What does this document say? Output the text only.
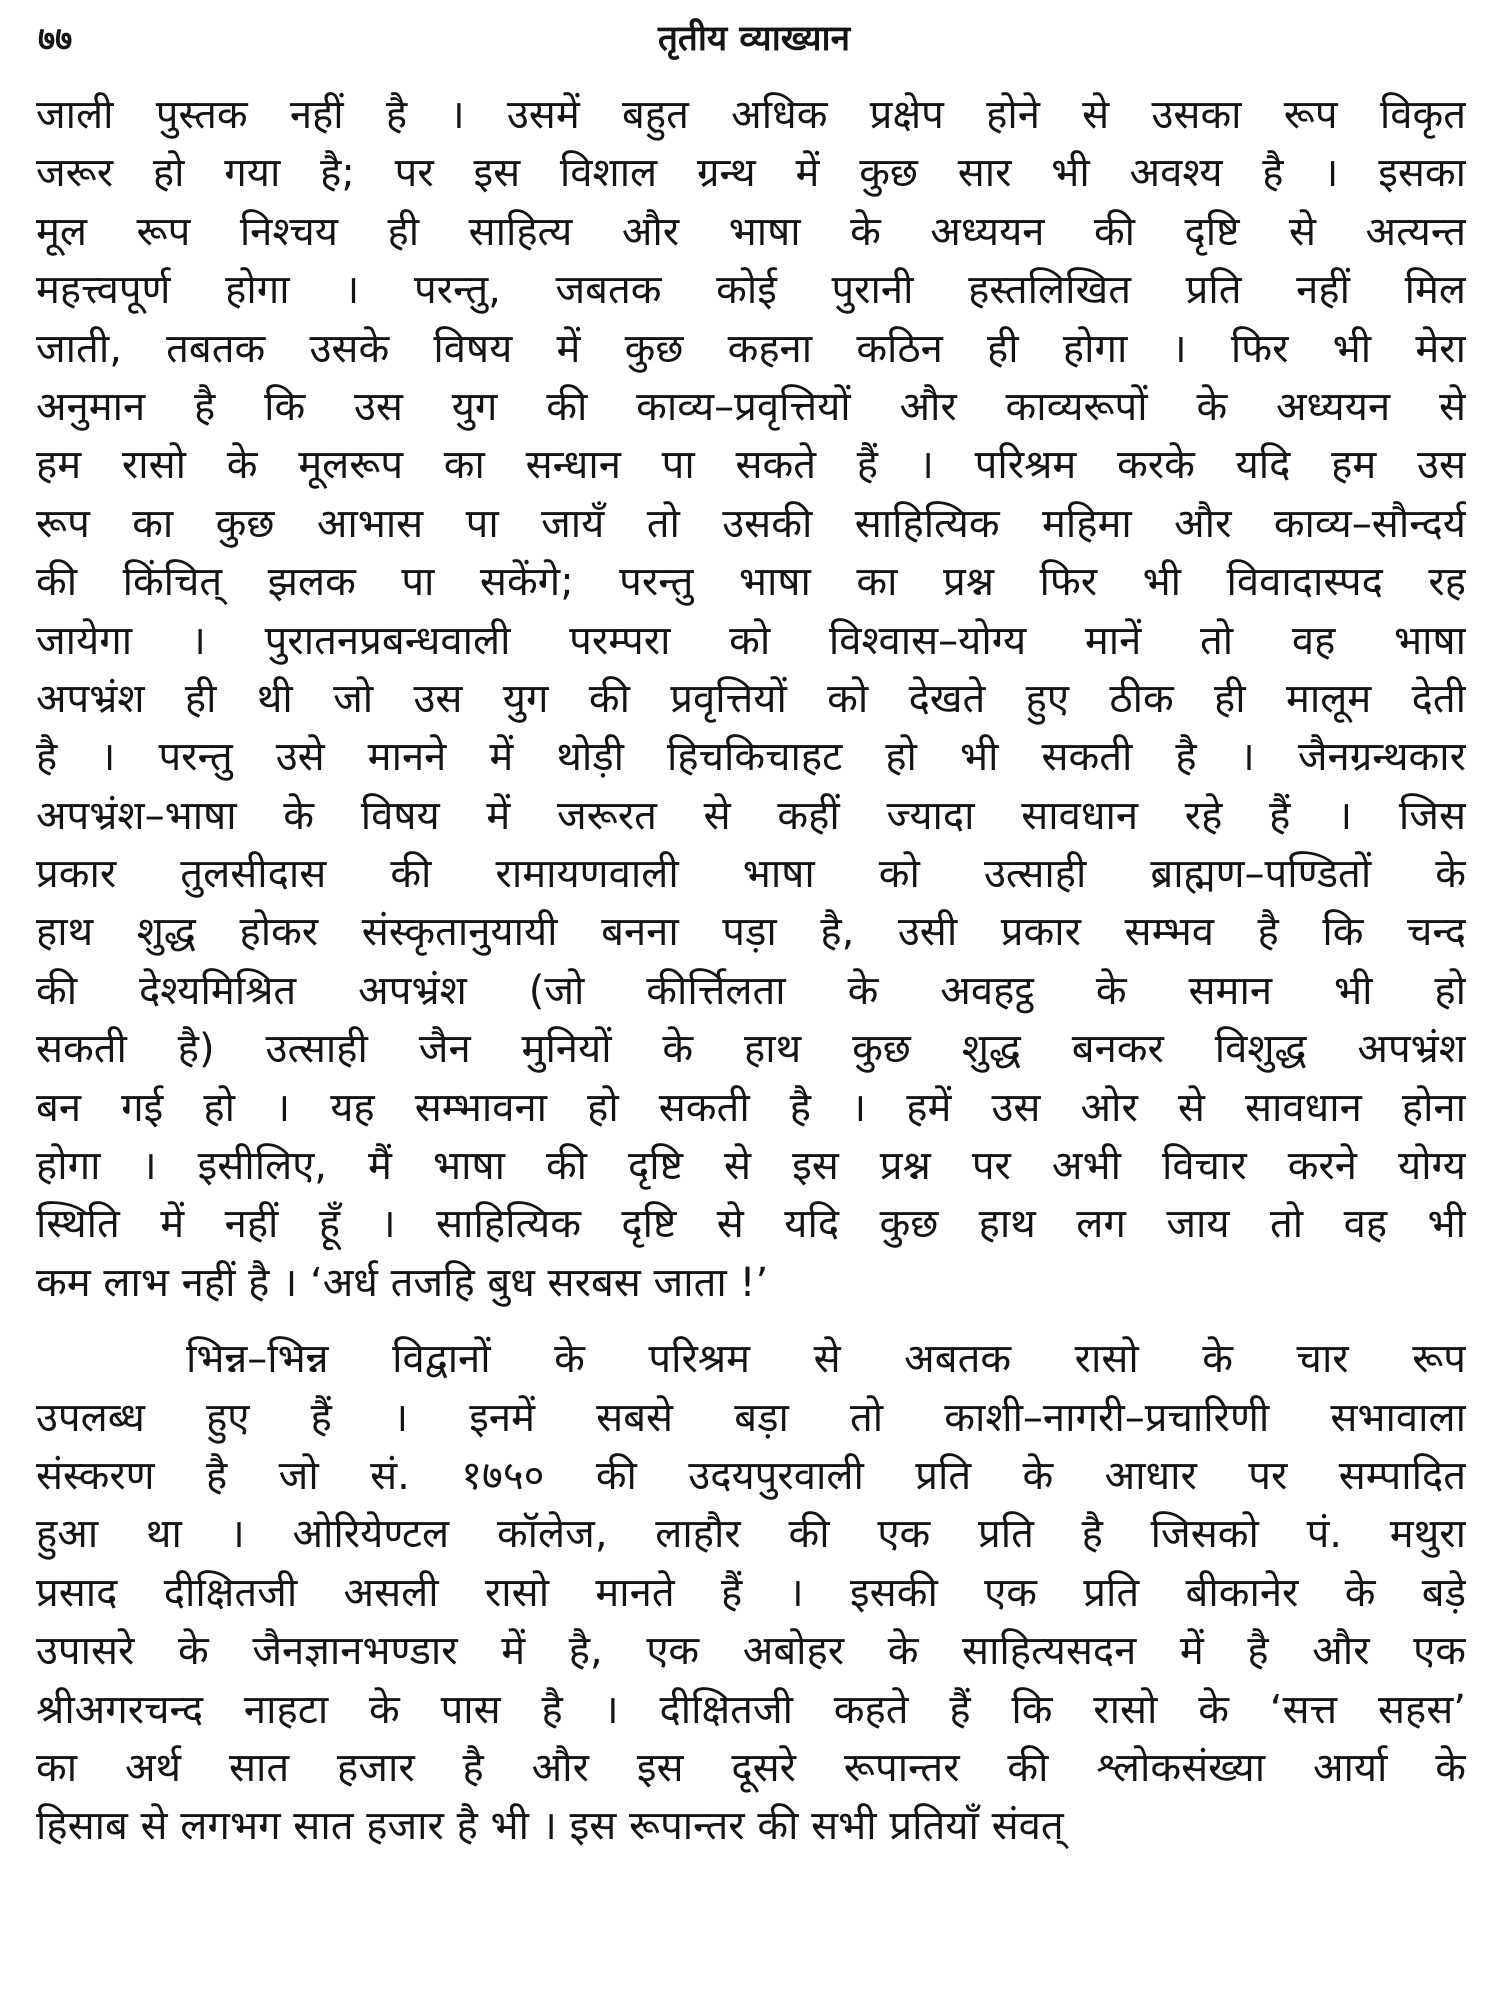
७७	तृतीय व्याख्यान

जाली पुस्तक नहीं है । उसमें बहुत अधिक प्रक्षेप होने से उसका रूप विकृत
जरूर हो गया है; पर इस विशाल ग्रन्थ में कुछ सार भी अवश्य है । इसका
मूल रूप निश्चय ही साहित्य और भाषा के अध्ययन की दृष्टि से अत्यन्त
महत्त्वपूर्ण होगा । परन्तु, जबतक कोई पुरानी हस्तलिखित प्रति नहीं मिल
जाती, तबतक उसके विषय में कुछ कहना कठिन ही होगा । फिर भी मेरा
अनुमान है कि उस युग की काव्य–प्रवृत्तियों और काव्यरूपों के अध्ययन से
हम रासो के मूलरूप का सन्धान पा सकते हैं । परिश्रम करके यदि हम उस
रूप का कुछ आभास पा जायँ तो उसकी साहित्यिक महिमा और काव्य–सौन्दर्य
की किंचित् झलक पा सकेंगे; परन्तु भाषा का प्रश्न फिर भी विवादास्पद रह
जायेगा । पुरातनप्रबन्धवाली परम्परा को विश्वास–योग्य मानें तो वह भाषा
अपभ्रंश ही थी जो उस युग की प्रवृत्तियों को देखते हुए ठीक ही मालूम देती
है । परन्तु उसे मानने में थोड़ी हिचकिचाहट हो भी सकती है । जैनग्रन्थकार
अपभ्रंश–भाषा के विषय में जरूरत से कहीं ज्यादा सावधान रहे हैं । जिस
प्रकार तुलसीदास की रामायणवाली भाषा को उत्साही ब्राह्मण–पण्डितों के
हाथ शुद्ध होकर संस्कृतानुयायी बनना पड़ा है, उसी प्रकार सम्भव है कि चन्द
की देश्यमिश्रित अपभ्रंश (जो कीर्त्तिलता के अवहट्ठ के समान भी हो
सकती है) उत्साही जैन मुनियों के हाथ कुछ शुद्ध बनकर विशुद्ध अपभ्रंश
बन गई हो । यह सम्भावना हो सकती है । हमें उस ओर से सावधान होना
होगा । इसीलिए, मैं भाषा की दृष्टि से इस प्रश्न पर अभी विचार करने योग्य
स्थिति में नहीं हूँ । साहित्यिक दृष्टि से यदि कुछ हाथ लग जाय तो वह भी
कम लाभ नहीं है । ‘अर्ध तजहि बुध सरबस जाता !’

भिन्न–भिन्न विद्वानों के परिश्रम से अबतक रासो के चार रूप
उपलब्ध हुए हैं । इनमें सबसे बड़ा तो काशी–नागरी–प्रचारिणी सभावाला
संस्करण है जो सं. १७५० की उदयपुरवाली प्रति के आधार पर सम्पादित
हुआ था । ओरियेण्टल कॉलेज, लाहौर की एक प्रति है जिसको पं. मथुरा
प्रसाद दीक्षितजी असली रासो मानते हैं । इसकी एक प्रति बीकानेर के बड़े
उपासरे के जैनज्ञानभण्डार में है, एक अबोहर के साहित्यसदन में है और एक
श्रीअगरचन्द नाहटा के पास है । दीक्षितजी कहते हैं कि रासो के ‘सत्त सहस’
का अर्थ सात हजार है और इस दूसरे रूपान्तर की श्लोकसंख्या आर्या के
हिसाब से लगभग सात हजार है भी । इस रूपान्तर की सभी प्रतियाँ संवत्
